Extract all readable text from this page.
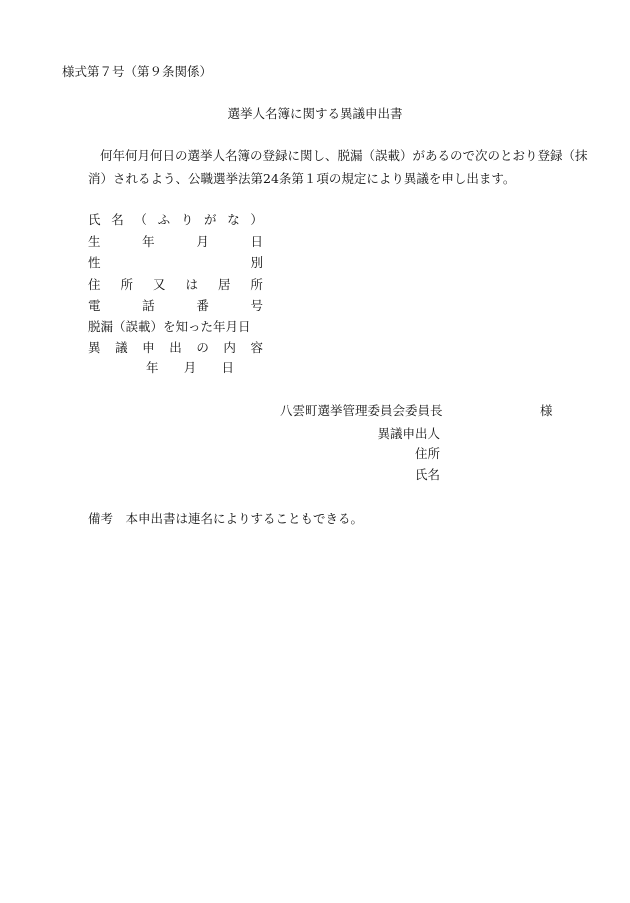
様式第７号（第９条関係）
選挙人名簿に関する異議申出書
何年何月何日の選挙人名簿の登録に関し、脱漏（誤載）があるので次のとおり登録（抹
消）されるよう、公職選挙法第24条第１項の規定により異議を申し出ます。
氏 名 （ ふ り が な ）
生	年	月	日
性	別
住 所 又 は 居 所
電	話	番	号
脱漏（誤載）を知った年月日
異 議 申 出 の 内 容
年 月 日
八雲町選挙管理委員会委員長	様
異議申出人
住所
氏名
備考　本申出書は連名によりすることもできる。
